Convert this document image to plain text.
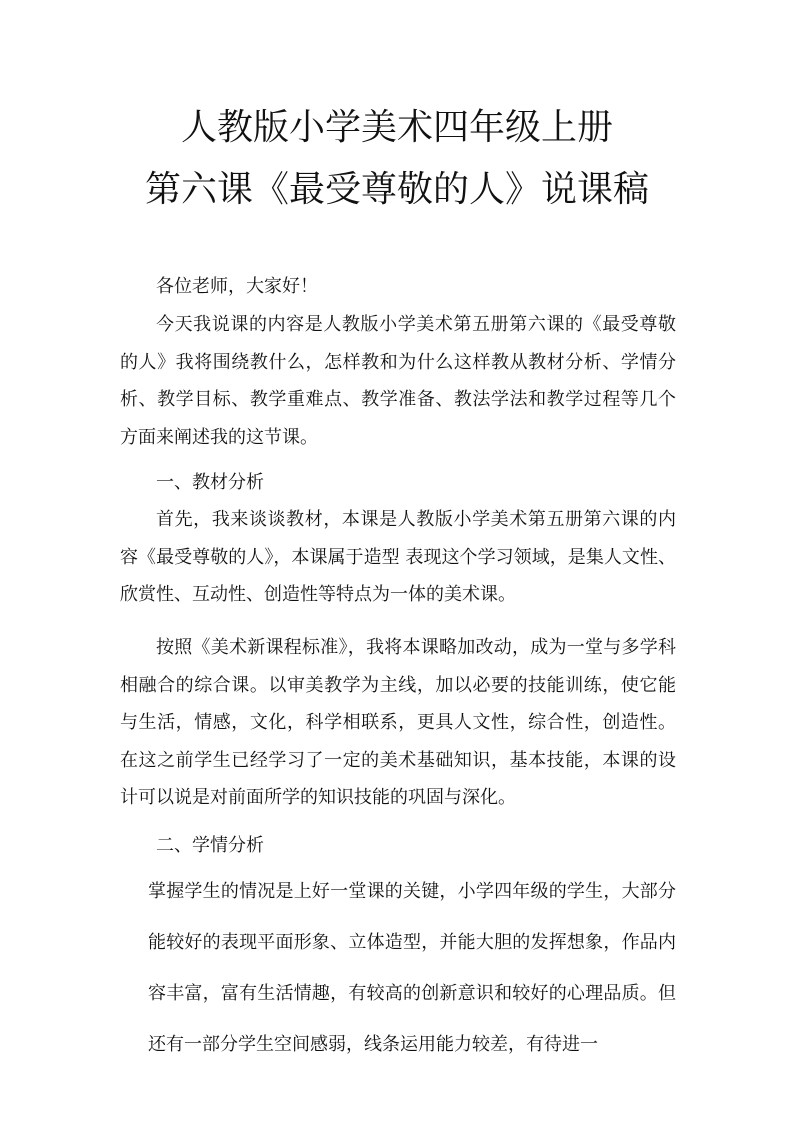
人教版小学美术四年级上册
第六课《最受尊敬的人》说课稿

各位老师，大家好！

今天我说课的内容是人教版小学美术第五册第六课的《最受尊敬的人》我将围绕教什么，怎样教和为什么这样教从教材分析、学情分析、教学目标、教学重难点、教学准备、教法学法和教学过程等几个方面来阐述我的这节课。

一、教材分析

首先，我来谈谈教材，本课是人教版小学美术第五册第六课的内容《最受尊敬的人》，本课属于造型 表现这个学习领域，是集人文性、欣赏性、互动性、创造性等特点为一体的美术课。

按照《美术新课程标准》，我将本课略加改动，成为一堂与多学科相融合的综合课。以审美教学为主线，加以必要的技能训练，使它能与生活，情感，文化，科学相联系，更具人文性，综合性，创造性。在这之前学生已经学习了一定的美术基础知识，基本技能，本课的设计可以说是对前面所学的知识技能的巩固与深化。

二、学情分析

掌握学生的情况是上好一堂课的关键，小学四年级的学生，大部分能较好的表现平面形象、立体造型，并能大胆的发挥想象，作品内容丰富，富有生活情趣，有较高的创新意识和较好的心理品质。但还有一部分学生空间感弱，线条运用能力较差，有待进一
